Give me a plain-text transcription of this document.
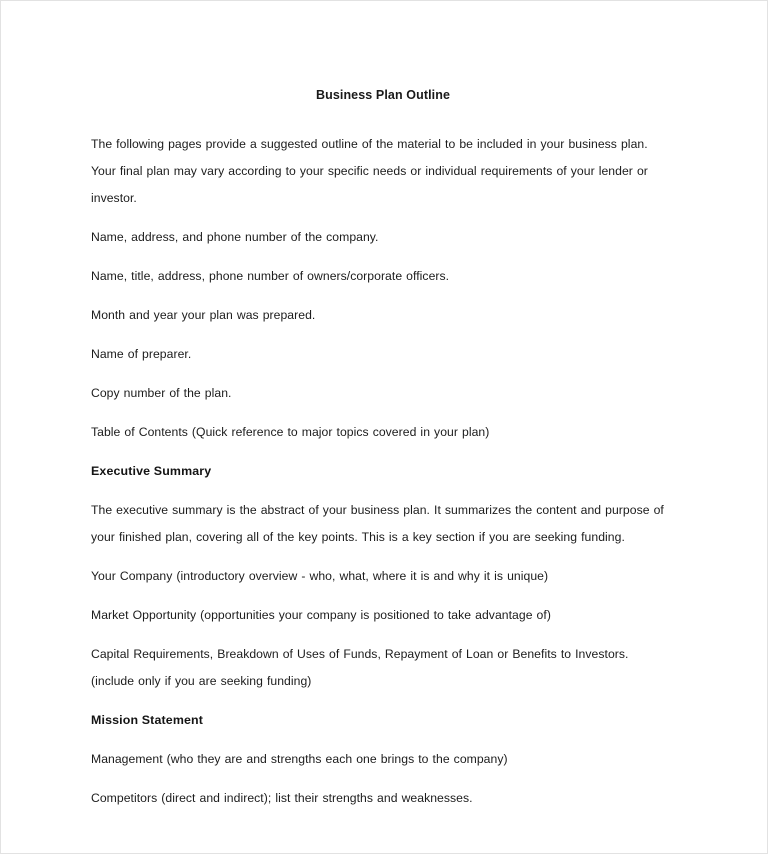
Business Plan Outline

The following pages provide a suggested outline of the material to be included in your business plan. Your final plan may vary according to your specific needs or individual requirements of your lender or investor.

Name, address, and phone number of the company.

Name, title, address, phone number of owners/corporate officers.

Month and year your plan was prepared.

Name of preparer.

Copy number of the plan.

Table of Contents (Quick reference to major topics covered in your plan)

Executive Summary

The executive summary is the abstract of your business plan. It summarizes the content and purpose of your finished plan, covering all of the key points. This is a key section if you are seeking funding.

Your Company (introductory overview - who, what, where it is and why it is unique)

Market Opportunity (opportunities your company is positioned to take advantage of)

Capital Requirements, Breakdown of Uses of Funds, Repayment of Loan or Benefits to Investors. (include only if you are seeking funding)

Mission Statement

Management (who they are and strengths each one brings to the company)

Competitors (direct and indirect); list their strengths and weaknesses.
